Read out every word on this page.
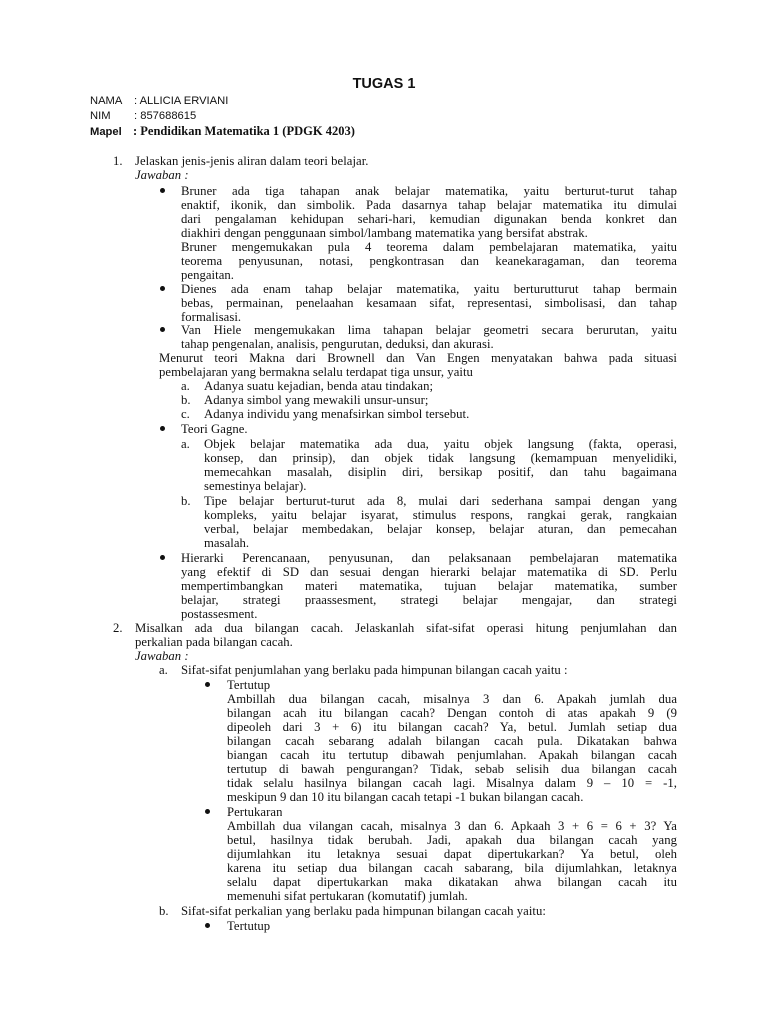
TUGAS 1
NAMA : ALLICIA ERVIANI
NIM : 857688615
Mapel : Pendidikan Matematika 1 (PDGK 4203)
1. Jelaskan jenis-jenis aliran dalam teori belajar.
Jawaban :
Bruner ada tiga tahapan anak belajar matematika, yaitu berturut-turut tahap
enaktif, ikonik, dan simbolik. Pada dasarnya tahap belajar matematika itu dimulai
dari pengalaman kehidupan sehari-hari, kemudian digunakan benda konkret dan
diakhiri dengan penggunaan simbol/lambang matematika yang bersifat abstrak.
Bruner mengemukakan pula 4 teorema dalam pembelajaran matematika, yaitu
teorema penyusunan, notasi, pengkontrasan dan keanekaragaman, dan teorema
pengaitan.
Dienes ada enam tahap belajar matematika, yaitu berturutturut tahap bermain
bebas, permainan, penelaahan kesamaan sifat, representasi, simbolisasi, dan tahap
formalisasi.
Van Hiele mengemukakan lima tahapan belajar geometri secara berurutan, yaitu
tahap pengenalan, analisis, pengurutan, deduksi, dan akurasi.
Menurut teori Makna dari Brownell dan Van Engen menyatakan bahwa pada situasi
pembelajaran yang bermakna selalu terdapat tiga unsur, yaitu
a. Adanya suatu kejadian, benda atau tindakan;
b. Adanya simbol yang mewakili unsur-unsur;
c. Adanya individu yang menafsirkan simbol tersebut.
Teori Gagne.
a. Objek belajar matematika ada dua, yaitu objek langsung (fakta, operasi,
konsep, dan prinsip), dan objek tidak langsung (kemampuan menyelidiki,
memecahkan masalah, disiplin diri, bersikap positif, dan tahu bagaimana
semestinya belajar).
b. Tipe belajar berturut-turut ada 8, mulai dari sederhana sampai dengan yang
kompleks, yaitu belajar isyarat, stimulus respons, rangkai gerak, rangkaian
verbal, belajar membedakan, belajar konsep, belajar aturan, dan pemecahan
masalah.
Hierarki Perencanaan, penyusunan, dan pelaksanaan pembelajaran matematika
yang efektif di SD dan sesuai dengan hierarki belajar matematika di SD. Perlu
mempertimbangkan materi matematika, tujuan belajar matematika, sumber
belajar, strategi praassesment, strategi belajar mengajar, dan strategi
postassesment.
2. Misalkan ada dua bilangan cacah. Jelaskanlah sifat-sifat operasi hitung penjumlahan dan
perkalian pada bilangan cacah.
Jawaban :
a. Sifat-sifat penjumlahan yang berlaku pada himpunan bilangan cacah yaitu :
Tertutup
Ambillah dua bilangan cacah, misalnya 3 dan 6. Apakah jumlah dua
bilangan acah itu bilangan cacah? Dengan contoh di atas apakah 9 (9
dipeoleh dari 3 + 6) itu bilangan cacah? Ya, betul. Jumlah setiap dua
bilangan cacah sebarang adalah bilangan cacah pula. Dikatakan bahwa
biangan cacah itu tertutup dibawah penjumlahan. Apakah bilangan cacah
tertutup di bawah pengurangan? Tidak, sebab selisih dua bilangan cacah
tidak selalu hasilnya bilangan cacah lagi. Misalnya dalam 9 – 10 = -1,
meskipun 9 dan 10 itu bilangan cacah tetapi -1 bukan bilangan cacah.
Pertukaran
Ambillah dua vilangan cacah, misalnya 3 dan 6. Apkaah 3 + 6 = 6 + 3? Ya
betul, hasilnya tidak berubah. Jadi, apakah dua bilangan cacah yang
dijumlahkan itu letaknya sesuai dapat dipertukarkan? Ya betul, oleh
karena itu setiap dua bilangan cacah sabarang, bila dijumlahkan, letaknya
selalu dapat dipertukarkan maka dikatakan ahwa bilangan cacah itu
memenuhi sifat pertukaran (komutatif) jumlah.
b. Sifat-sifat perkalian yang berlaku pada himpunan bilangan cacah yaitu:
Tertutup
